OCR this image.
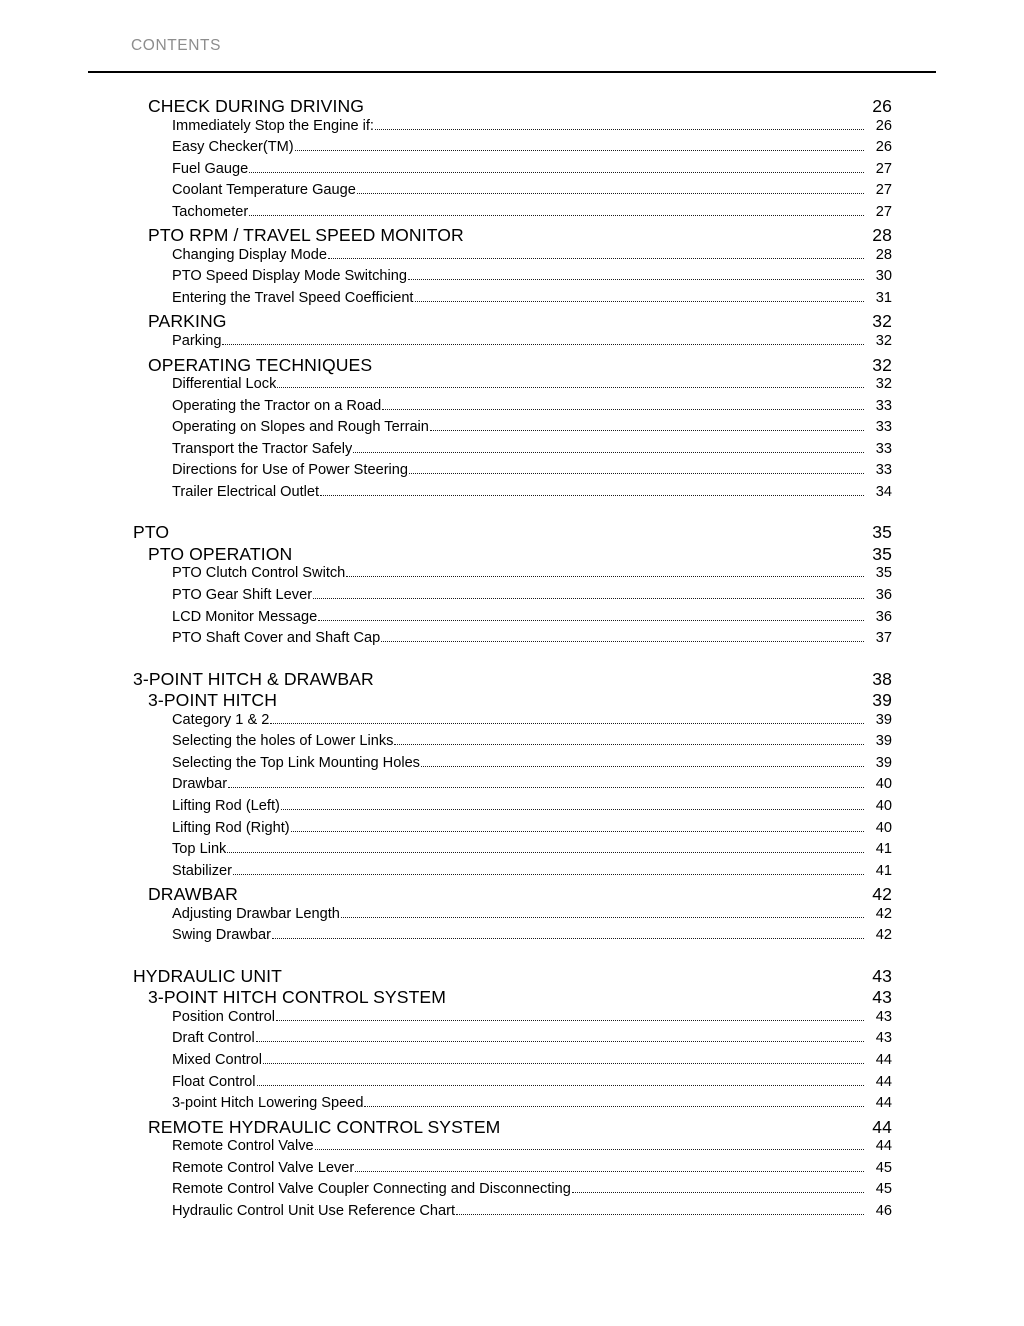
CONTENTS
CHECK DURING DRIVING	26
Immediately Stop the Engine if:	26
Easy Checker(TM)	26
Fuel Gauge	27
Coolant Temperature Gauge	27
Tachometer	27
PTO RPM / TRAVEL SPEED MONITOR	28
Changing Display Mode	28
PTO Speed Display Mode Switching	30
Entering the Travel Speed Coefficient	31
PARKING	32
Parking	32
OPERATING TECHNIQUES	32
Differential Lock	32
Operating the Tractor on a Road	33
Operating on Slopes and Rough Terrain	33
Transport the Tractor Safely	33
Directions for Use of Power Steering	33
Trailer Electrical Outlet	34
PTO	35
PTO OPERATION	35
PTO Clutch Control Switch	35
PTO Gear Shift Lever	36
LCD Monitor Message	36
PTO Shaft Cover and Shaft Cap	37
3-POINT HITCH & DRAWBAR	38
3-POINT HITCH	39
Category 1 & 2	39
Selecting the holes of Lower Links	39
Selecting the Top Link Mounting Holes	39
Drawbar	40
Lifting Rod (Left)	40
Lifting Rod (Right)	40
Top Link	41
Stabilizer	41
DRAWBAR	42
Adjusting Drawbar Length	42
Swing Drawbar	42
HYDRAULIC UNIT	43
3-POINT HITCH CONTROL SYSTEM	43
Position Control	43
Draft Control	43
Mixed Control	44
Float Control	44
3-point Hitch Lowering Speed	44
REMOTE HYDRAULIC CONTROL SYSTEM	44
Remote Control Valve	44
Remote Control Valve Lever	45
Remote Control Valve Coupler Connecting and Disconnecting	45
Hydraulic Control Unit Use Reference Chart	46
